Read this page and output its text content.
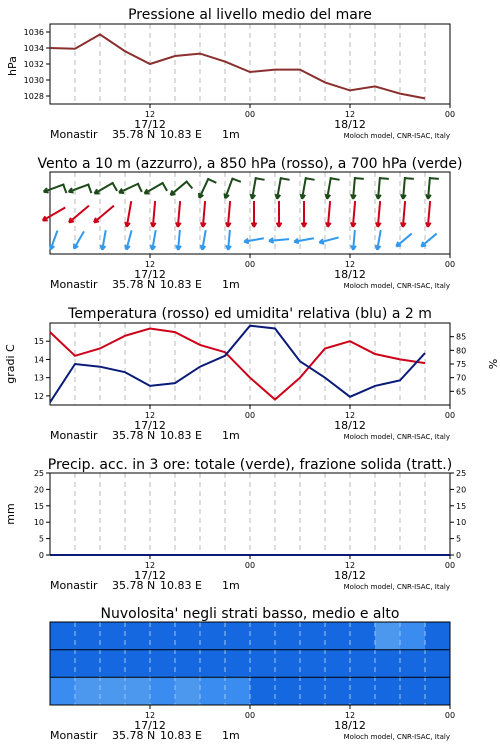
Pressione al livello medio del mare
hPa
1028
1030
1032
1034
1036
12	00	12	00
17/12	18/12
Monastir 35.78 N 10.83 E 1m	Moloch model, CNR-ISAC, Italy
Vento a 10 m (azzurro), a 850 hPa (rosso), a 700 hPa (verde)
12	00	12	00
17/12	18/12
Monastir 35.78 N 10.83 E 1m	Moloch model, CNR-ISAC, Italy
Temperatura (rosso) ed umidita' relativa (blu) a 2 m
gradi C	%
12
13
14
15
65
70
75
80
85
12	00	12	00
17/12	18/12
Monastir 35.78 N 10.83 E 1m	Moloch model, CNR-ISAC, Italy
Precip. acc. in 3 ore: totale (verde), frazione solida (tratt.)
mm
0
5
10
15
20
25
0
5
10
15
20
25
12	00	12	00
17/12	18/12
Monastir 35.78 N 10.83 E 1m	Moloch model, CNR-ISAC, Italy
Nuvolosita' negli strati basso, medio e alto
12	00	12	00
17/12	18/12
Monastir 35.78 N 10.83 E 1m	Moloch model, CNR-ISAC, Italy
